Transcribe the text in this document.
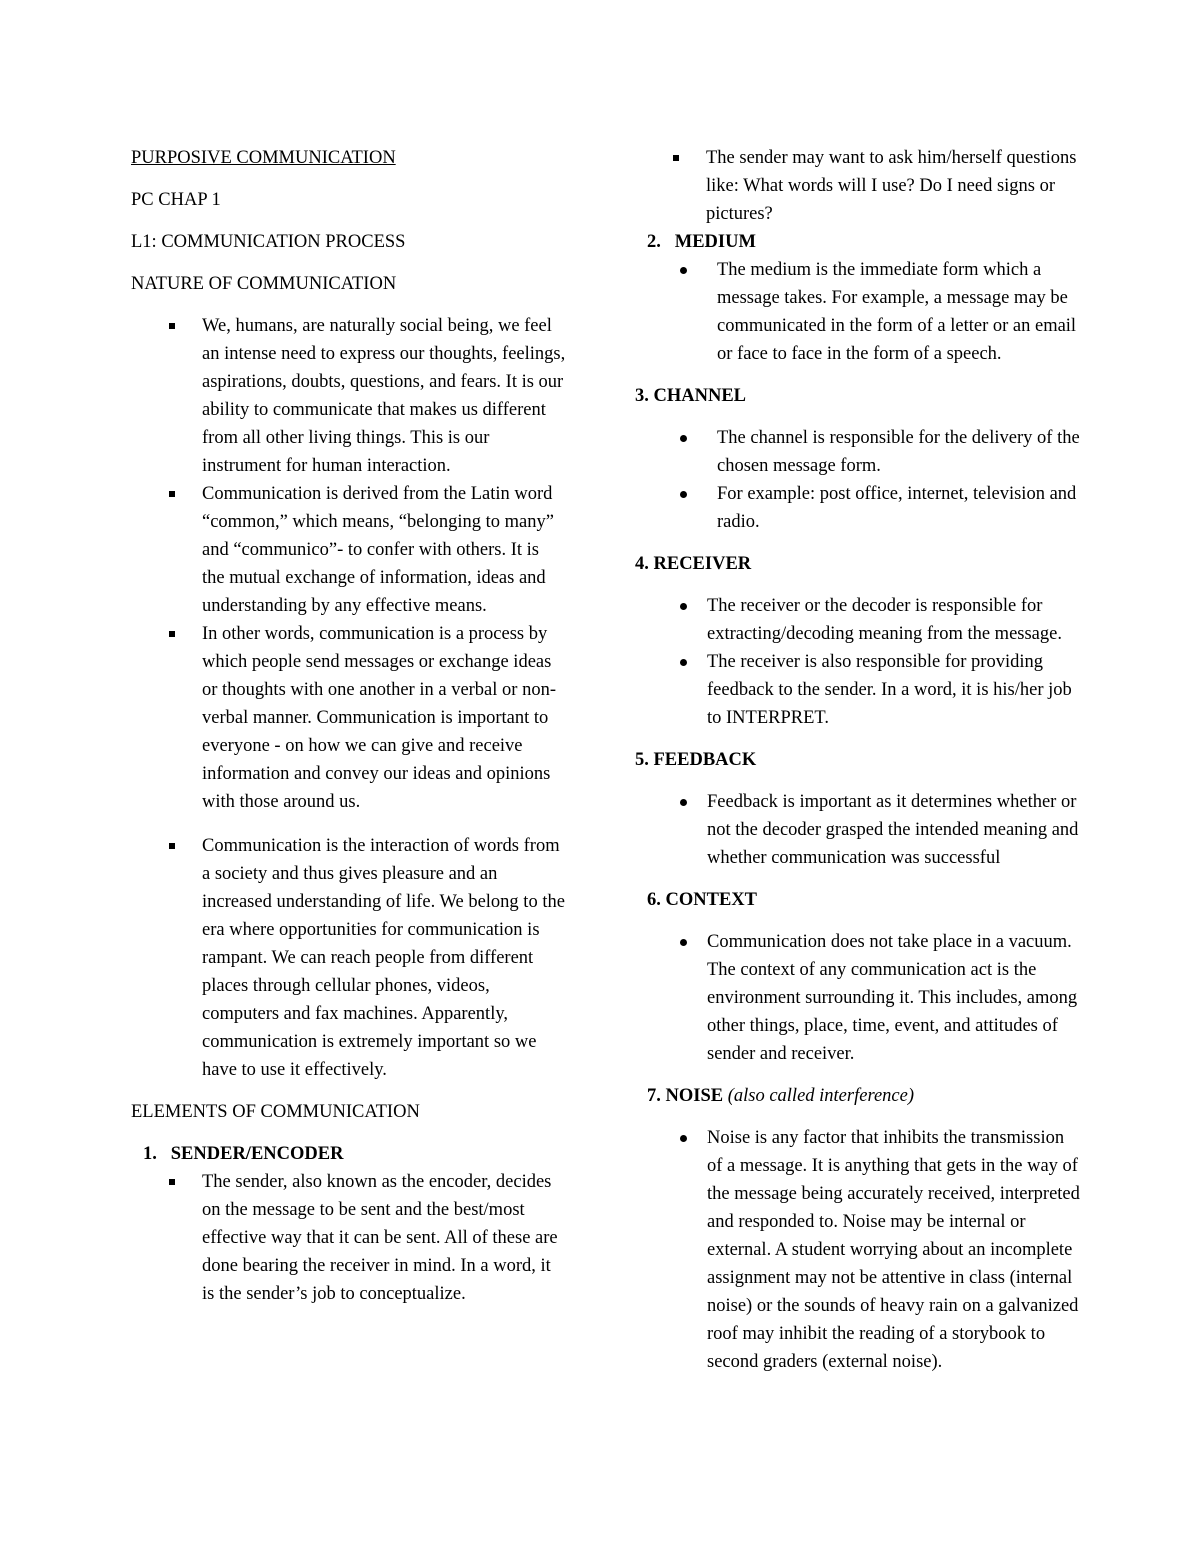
PURPOSIVE COMMUNICATION

PC CHAP 1

L1: COMMUNICATION PROCESS

NATURE OF COMMUNICATION

We, humans, are naturally social being, we feel an intense need to express our thoughts, feelings, aspirations, doubts, questions, and fears. It is our ability to communicate that makes us different from all other living things. This is our instrument for human interaction.
Communication is derived from the Latin word “common,” which means, “belonging to many” and “communico”- to confer with others. It is the mutual exchange of information, ideas and understanding by any effective means.
In other words, communication is a process by which people send messages or exchange ideas or thoughts with one another in a verbal or non-verbal manner. Communication is important to everyone - on how we can give and receive information and convey our ideas and opinions with those around us.
Communication is the interaction of words from a society and thus gives pleasure and an increased understanding of life. We belong to the era where opportunities for communication is rampant. We can reach people from different places through cellular phones, videos, computers and fax machines. Apparently, communication is extremely important so we have to use it effectively.

ELEMENTS OF COMMUNICATION

1.   SENDER/ENCODER

The sender, also known as the encoder, decides on the message to be sent and the best/most effective way that it can be sent. All of these are done bearing the receiver in mind. In a word, it is the sender’s job to conceptualize.
The sender may want to ask him/herself questions like: What words will I use? Do I need signs or pictures?

2.   MEDIUM

The medium is the immediate form which a message takes. For example, a message may be communicated in the form of a letter or an email or face to face in the form of a speech.

3. CHANNEL

The channel is responsible for the delivery of the chosen message form.
For example: post office, internet, television and radio.

4. RECEIVER

The receiver or the decoder is responsible for extracting/decoding meaning from the message.
The receiver is also responsible for providing feedback to the sender. In a word, it is his/her job to INTERPRET.

5. FEEDBACK

Feedback is important as it determines whether or not the decoder grasped the intended meaning and whether communication was successful

6. CONTEXT

Communication does not take place in a vacuum. The context of any communication act is the environment surrounding it. This includes, among other things, place, time, event, and attitudes of sender and receiver.

7. NOISE (also called interference)

Noise is any factor that inhibits the transmission of a message. It is anything that gets in the way of the message being accurately received, interpreted and responded to. Noise may be internal or external. A student worrying about an incomplete assignment may not be attentive in class (internal noise) or the sounds of heavy rain on a galvanized roof may inhibit the reading of a storybook to second graders (external noise).
